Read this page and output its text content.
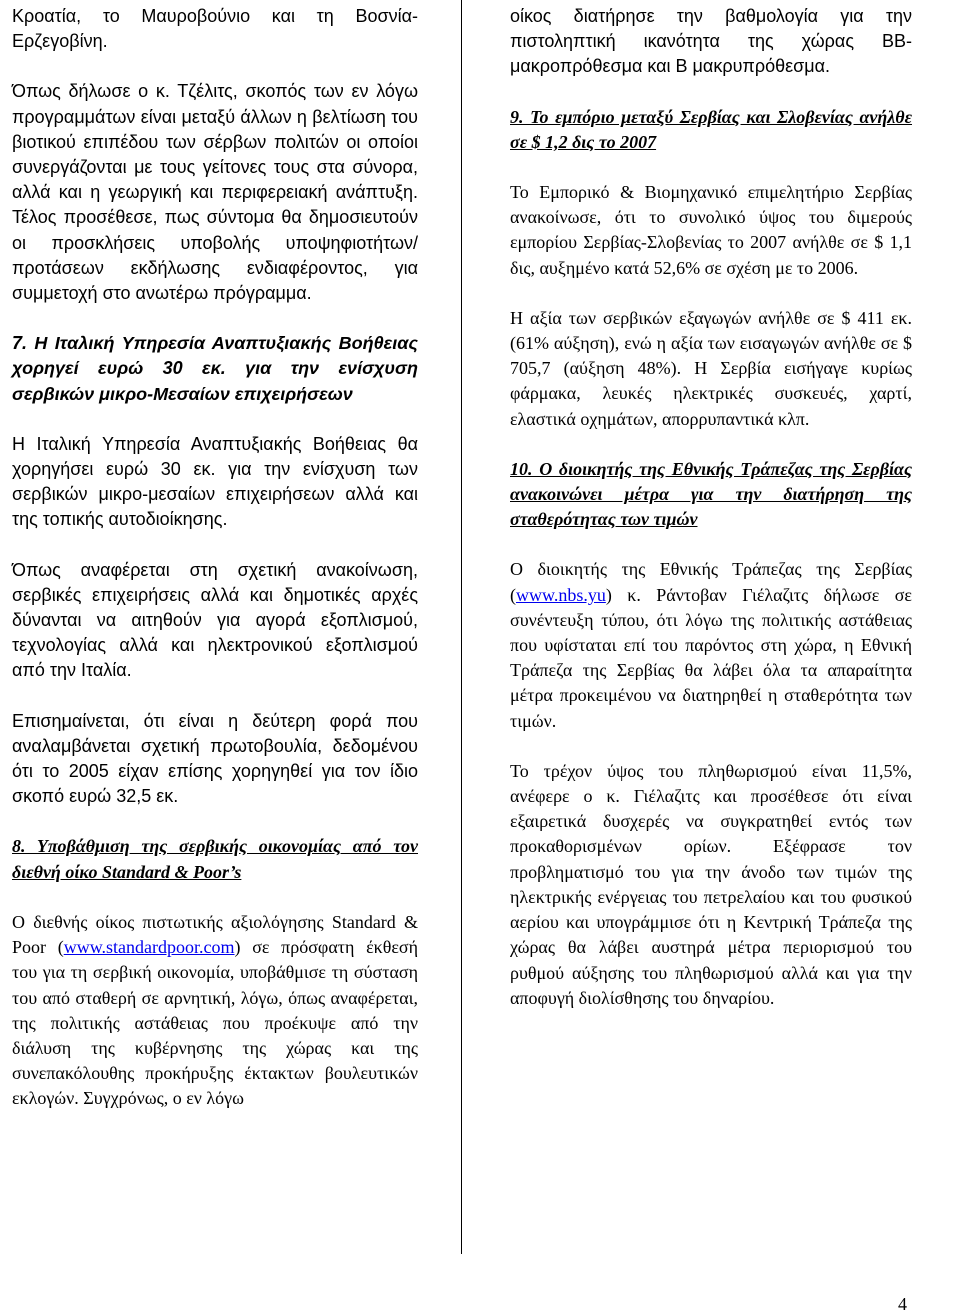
Κροατία, το Μαυροβούνιο και τη Βοσνία-Ερζεγοβίνη.

Όπως δήλωσε ο κ. Τζέλιτς, σκοπός των εν λόγω προγραμμάτων είναι μεταξύ άλλων η βελτίωση του βιοτικού επιπέδου των σέρβων πολιτών οι οποίοι συνεργάζονται με τους γείτονες τους στα σύνορα, αλλά και η γεωργική και περιφερειακή ανάπτυξη. Τέλος προσέθεσε, πως σύντομα θα δημοσιευτούν οι προσκλήσεις υποβολής υποψηφιοτήτων/προτάσεων εκδήλωσης ενδιαφέροντος, για συμμετοχή στο ανωτέρω πρόγραμμα.

7. Η Ιταλική Υπηρεσία Αναπτυξιακής Βοήθειας χορηγεί ευρώ 30 εκ. για την ενίσχυση σερβικών μικρο-Μεσαίων επιχειρήσεων

Η Ιταλική Υπηρεσία Αναπτυξιακής Βοήθειας θα χορηγήσει ευρώ 30 εκ. για την ενίσχυση των σερβικών μικρο-μεσαίων επιχειρήσεων αλλά και της τοπικής αυτοδιοίκησης.

Όπως αναφέρεται στη σχετική ανακοίνωση, σερβικές επιχειρήσεις αλλά και δημοτικές αρχές δύνανται να αιτηθούν για αγορά εξοπλισμού, τεχνολογίας αλλά και ηλεκτρονικού εξοπλισμού από την Ιταλία.

Επισημαίνεται, ότι είναι η δεύτερη φορά που αναλαμβάνεται σχετική πρωτοβουλία, δεδομένου ότι το 2005 είχαν επίσης χορηγηθεί για τον ίδιο σκοπό ευρώ 32,5 εκ.

8. Υποβάθμιση της σερβικής οικονομίας από τον διεθνή οίκο Standard & Poor’s

Ο διεθνής οίκος πιστωτικής αξιολόγησης Standard & Poor (www.standardpoor.com) σε πρόσφατη έκθεσή του για τη σερβική οικονομία, υποβάθμισε τη σύσταση του από σταθερή σε αρνητική, λόγω, όπως αναφέρεται, της πολιτικής αστάθειας που προέκυψε από την διάλυση της κυβέρνησης της χώρας και της συνεπακόλουθης προκήρυξης έκτακτων βουλευτικών εκλογών. Συγχρόνως, ο εν λόγω

οίκος διατήρησε την βαθμολογία για την πιστοληπτική ικανότητα της χώρας ΒΒ- μακροπρόθεσμα και Β μακρυπρόθεσμα.

9. Το εμπόριο μεταξύ Σερβίας και Σλοβενίας ανήλθε σε $ 1,2 δις το 2007

Το Εμπορικό & Βιομηχανικό επιμελητήριο Σερβίας ανακοίνωσε, ότι το συνολικό ύψος του διμερούς εμπορίου Σερβίας-Σλοβενίας το 2007 ανήλθε σε $ 1,1 δις, αυξημένο κατά 52,6% σε σχέση με το 2006.

Η αξία των σερβικών εξαγωγών ανήλθε σε $ 411 εκ. (61% αύξηση), ενώ η αξία των εισαγωγών ανήλθε σε $ 705,7 (αύξηση 48%). Η Σερβία εισήγαγε κυρίως φάρμακα, λευκές ηλεκτρικές συσκευές, χαρτί, ελαστικά οχημάτων, απορρυπαντικά κλπ.

10. Ο διοικητής της Εθνικής Τράπεζας της Σερβίας ανακοινώνει μέτρα για την διατήρηση της σταθερότητας των τιμών

Ο διοικητής της Εθνικής Τράπεζας της Σερβίας (www.nbs.yu) κ. Ράντοβαν Γιέλαζιτς δήλωσε σε συνέντευξη τύπου, ότι λόγω της πολιτικής αστάθειας που υφίσταται επί του παρόντος στη χώρα, η Εθνική Τράπεζα της Σερβίας θα λάβει όλα τα απαραίτητα μέτρα προκειμένου να διατηρηθεί η σταθερότητα των τιμών.

Το τρέχον ύψος του πληθωρισμού είναι 11,5%, ανέφερε ο κ. Γιέλαζιτς και προσέθεσε ότι είναι εξαιρετικά δυσχερές να συγκρατηθεί εντός των προκαθορισμένων ορίων. Εξέφρασε τον προβληματισμό του για την άνοδο των τιμών της ηλεκτρικής ενέργειας του πετρελαίου και του φυσικού αερίου και υπογράμμισε ότι η Κεντρική Τράπεζα της χώρας θα λάβει αυστηρά μέτρα περιορισμού του ρυθμού αύξησης του πληθωρισμού αλλά και για την αποφυγή διολίσθησης του δηναρίου.

4
